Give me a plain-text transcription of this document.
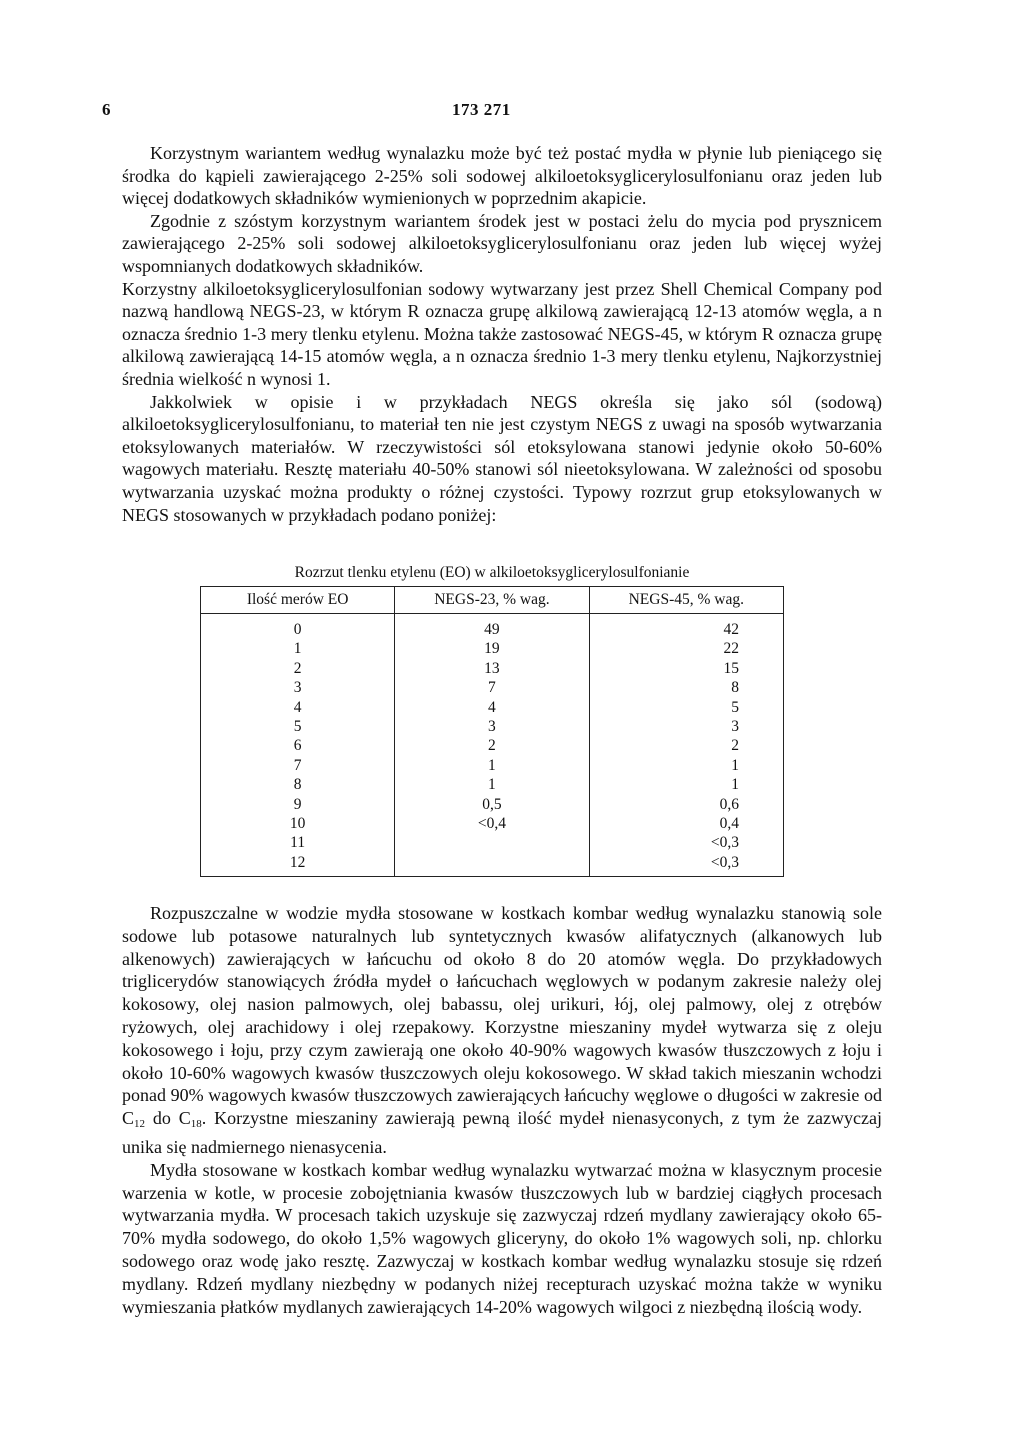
6	173 271

Korzystnym wariantem według wynalazku może być też postać mydła w płynie lub pieniącego się środka do kąpieli zawierającego 2-25% soli sodowej alkiloetoksyglicerylosulfonianu oraz jeden lub więcej dodatkowych składników wymienionych w poprzednim akapicie.

Zgodnie z szóstym korzystnym wariantem środek jest w postaci żelu do mycia pod prysznicem zawierającego 2-25% soli sodowej alkiloetoksyglicerylosulfonianu oraz jeden lub więcej wyżej wspomnianych dodatkowych składników.

Korzystny alkiloetoksyglicerylosulfonian sodowy wytwarzany jest przez Shell Chemical Company pod nazwą handlową NEGS-23, w którym R oznacza grupę alkilową zawierającą 12-13 atomów węgla, a n oznacza średnio 1-3 mery tlenku etylenu. Można także zastosować NEGS-45, w którym R oznacza grupę alkilową zawierającą 14-15 atomów węgla, a n oznacza średnio 1-3 mery tlenku etylenu, Najkorzystniej średnia wielkość n wynosi 1.

Jakkolwiek w opisie i w przykładach NEGS określa się jako sól (sodową) alkiloetoksyglicerylosulfonianu, to materiał ten nie jest czystym NEGS z uwagi na sposób wytwarzania etoksylowanych materiałów. W rzeczywistości sól etoksylowana stanowi jedynie około 50-60% wagowych materiału. Resztę materiału 40-50% stanowi sól nieetoksylowana. W zależności od sposobu wytwarzania uzyskać można produkty o różnej czystości. Typowy rozrzut grup etoksylowanych w NEGS stosowanych w przykładach podano poniżej:

Rozrzut tlenku etylenu (EO) w alkiloetoksyglicerylosulfonianie
Ilość merów EO	NEGS-23, % wag.	NEGS-45, % wag.
0	49	42
1	19	22
2	13	15
3	7	8
4	4	5
5	3	3
6	2	2
7	1	1
8	1	1
9	0,5	0,6
10	<0,4	0,4
11		<0,3
12		<0,3

Rozpuszczalne w wodzie mydła stosowane w kostkach kombar według wynalazku stanowią sole sodowe lub potasowe naturalnych lub syntetycznych kwasów alifatycznych (alkanowych lub alkenowych) zawierających w łańcuchu od około 8 do 20 atomów węgla. Do przykładowych triglicerydów stanowiących źródła mydeł o łańcuchach węglowych w podanym zakresie należy olej kokosowy, olej nasion palmowych, olej babassu, olej urikuri, łój, olej palmowy, olej z otrębów ryżowych, olej arachidowy i olej rzepakowy. Korzystne mieszaniny mydeł wytwarza się z oleju kokosowego i łoju, przy czym zawierają one około 40-90% wagowych kwasów tłuszczowych z łoju i około 10-60% wagowych kwasów tłuszczowych oleju kokosowego. W skład takich mieszanin wchodzi ponad 90% wagowych kwasów tłuszczowych zawierających łańcuchy węglowe o długości w zakresie od $C_{12}$ do $C_{18}$. Korzystne mieszaniny zawierają pewną ilość mydeł nienasyconych, z tym że zazwyczaj unika się nadmiernego nienasycenia.

Mydła stosowane w kostkach kombar według wynalazku wytwarzać można w klasycznym procesie warzenia w kotle, w procesie zobojętniania kwasów tłuszczowych lub w bardziej ciągłych procesach wytwarzania mydła. W procesach takich uzyskuje się zazwyczaj rdzeń mydlany zawierający około 65-70% mydła sodowego, do około 1,5% wagowych gliceryny, do około 1% wagowych soli, np. chlorku sodowego oraz wodę jako resztę. Zazwyczaj w kostkach kombar według wynalazku stosuje się rdzeń mydlany. Rdzeń mydlany niezbędny w podanych niżej recepturach uzyskać można także w wyniku wymieszania płatków mydlanych zawierających 14-20% wagowych wilgoci z niezbędną ilością wody.
